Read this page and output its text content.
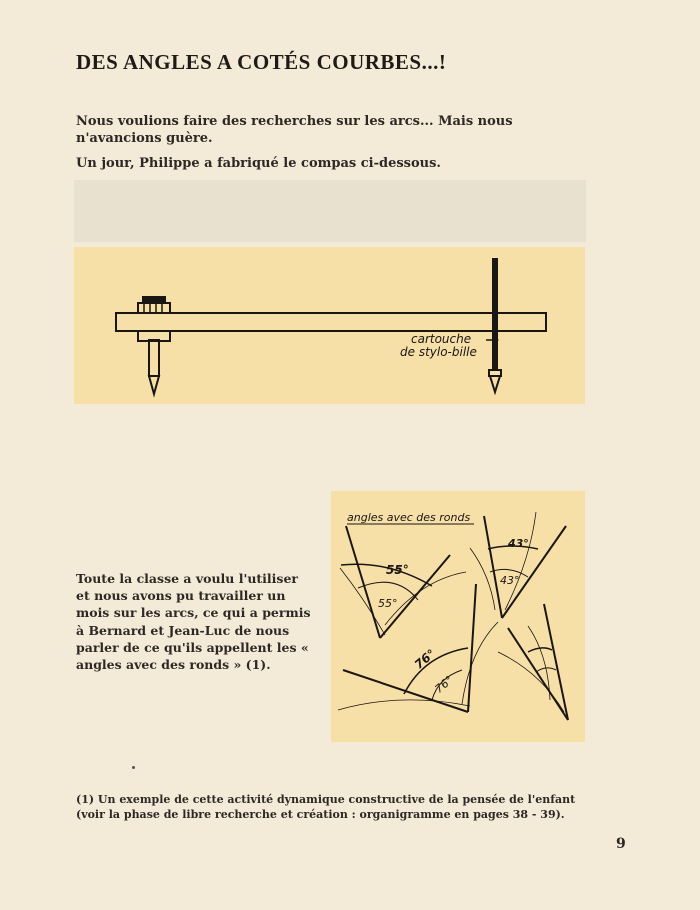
DES ANGLES A COTÉS COURBES...!

Nous voulions faire des recherches sur les arcs... Mais nous n'avancions guère.

Un jour, Philippe a fabriqué le compas ci-dessous.

cartouche
de stylo-bille
angles avec des ronds
55°
55°
43°
43°
76°
76°

Toute la classe a voulu l'utiliser et nous avons pu travailler un mois sur les arcs, ce qui a permis à Bernard et Jean-Luc de nous parler de ce qu'ils appellent les « angles avec des ronds » (1).

(1) Un exemple de cette activité dynamique constructive de la pensée de l'enfant (voir la phase de libre recherche et création : organigramme en pages 38 - 39).

9
